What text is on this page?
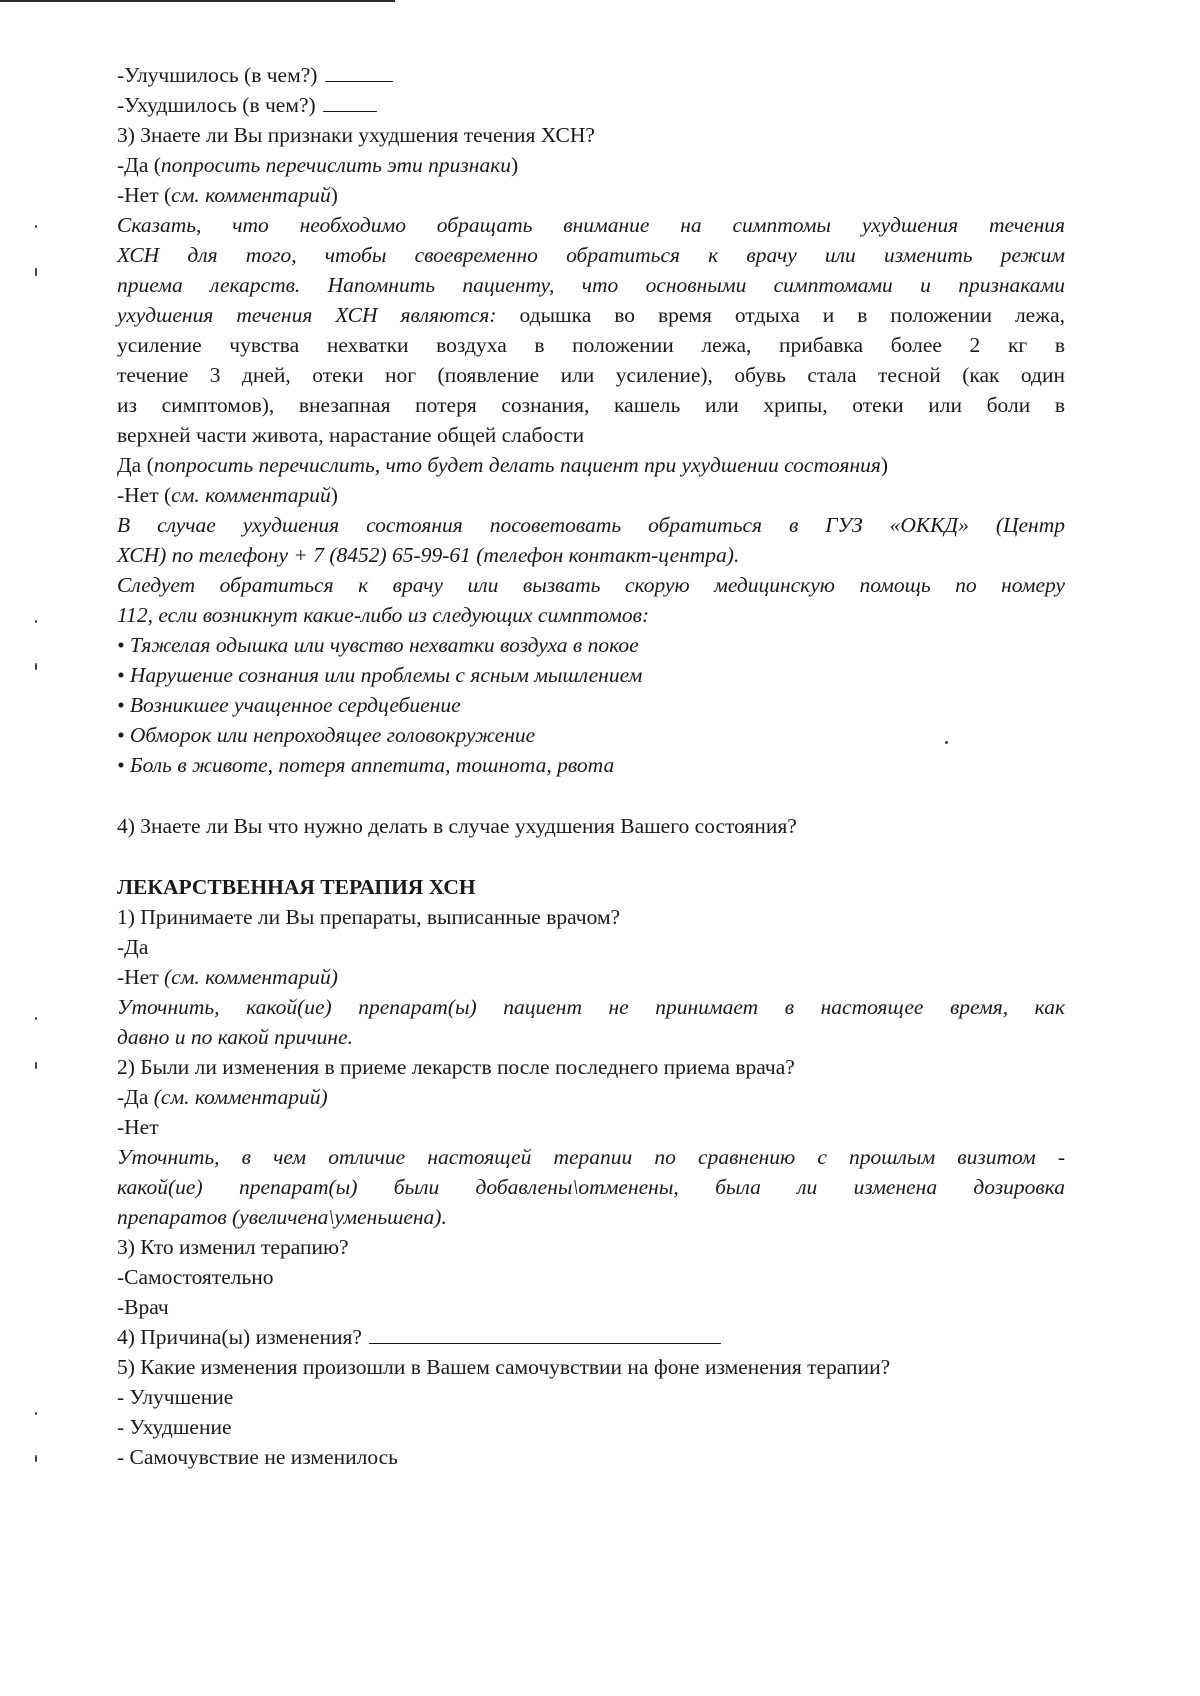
-Улучшилось (в чем?)
-Ухудшилось (в чем?)
3) Знаете ли Вы признаки ухудшения течения ХСН?
-Да (попросить перечислить эти признаки)
-Нет (см. комментарий)
Сказать, что необходимо обращать внимание на симптомы ухудшения течения
ХСН для того, чтобы своевременно обратиться к врачу или изменить режим
приема лекарств. Напомнить пациенту, что основными симптомами и признаками
ухудшения течения ХСН являются: одышка во время отдыха и в положении лежа,
усиление чувства нехватки воздуха в положении лежа, прибавка более 2 кг в
течение 3 дней, отеки ног (появление или усиление), обувь стала тесной (как один
из симптомов), внезапная потеря сознания, кашель или хрипы, отеки или боли в
верхней части живота, нарастание общей слабости
Да (попросить перечислить, что будет делать пациент при ухудшении состояния)
-Нет (см. комментарий)
В случае ухудшения состояния посоветовать обратиться в ГУЗ «ОККД» (Центр
ХСН) по телефону + 7 (8452) 65-99-61 (телефон контакт-центра).
Следует обратиться к врачу или вызвать скорую медицинскую помощь по номеру
112, если возникнут какие-либо из следующих симптомов:
• Тяжелая одышка или чувство нехватки воздуха в покое
• Нарушение сознания или проблемы с ясным мышлением
• Возникшее учащенное сердцебиение
• Обморок или непроходящее головокружение
• Боль в животе, потеря аппетита, тошнота, рвота
4) Знаете ли Вы что нужно делать в случае ухудшения Вашего состояния?
ЛЕКАРСТВЕННАЯ ТЕРАПИЯ ХСН
1) Принимаете ли Вы препараты, выписанные врачом?
-Да
-Нет (см. комментарий)
Уточнить, какой(ие) препарат(ы) пациент не принимает в настоящее время, как
давно и по какой причине.
2) Были ли изменения в приеме лекарств после последнего приема врача?
-Да (см. комментарий)
-Нет
Уточнить, в чем отличие настоящей терапии по сравнению с прошлым визитом -
какой(ие) препарат(ы) были добавлены\отменены, была ли изменена дозировка
препаратов (увеличена\уменьшена).
3) Кто изменил терапию?
-Самостоятельно
-Врач
4) Причина(ы) изменения?
5) Какие изменения произошли в Вашем самочувствии на фоне изменения терапии?
- Улучшение
- Ухудшение
- Самочувствие не изменилось
